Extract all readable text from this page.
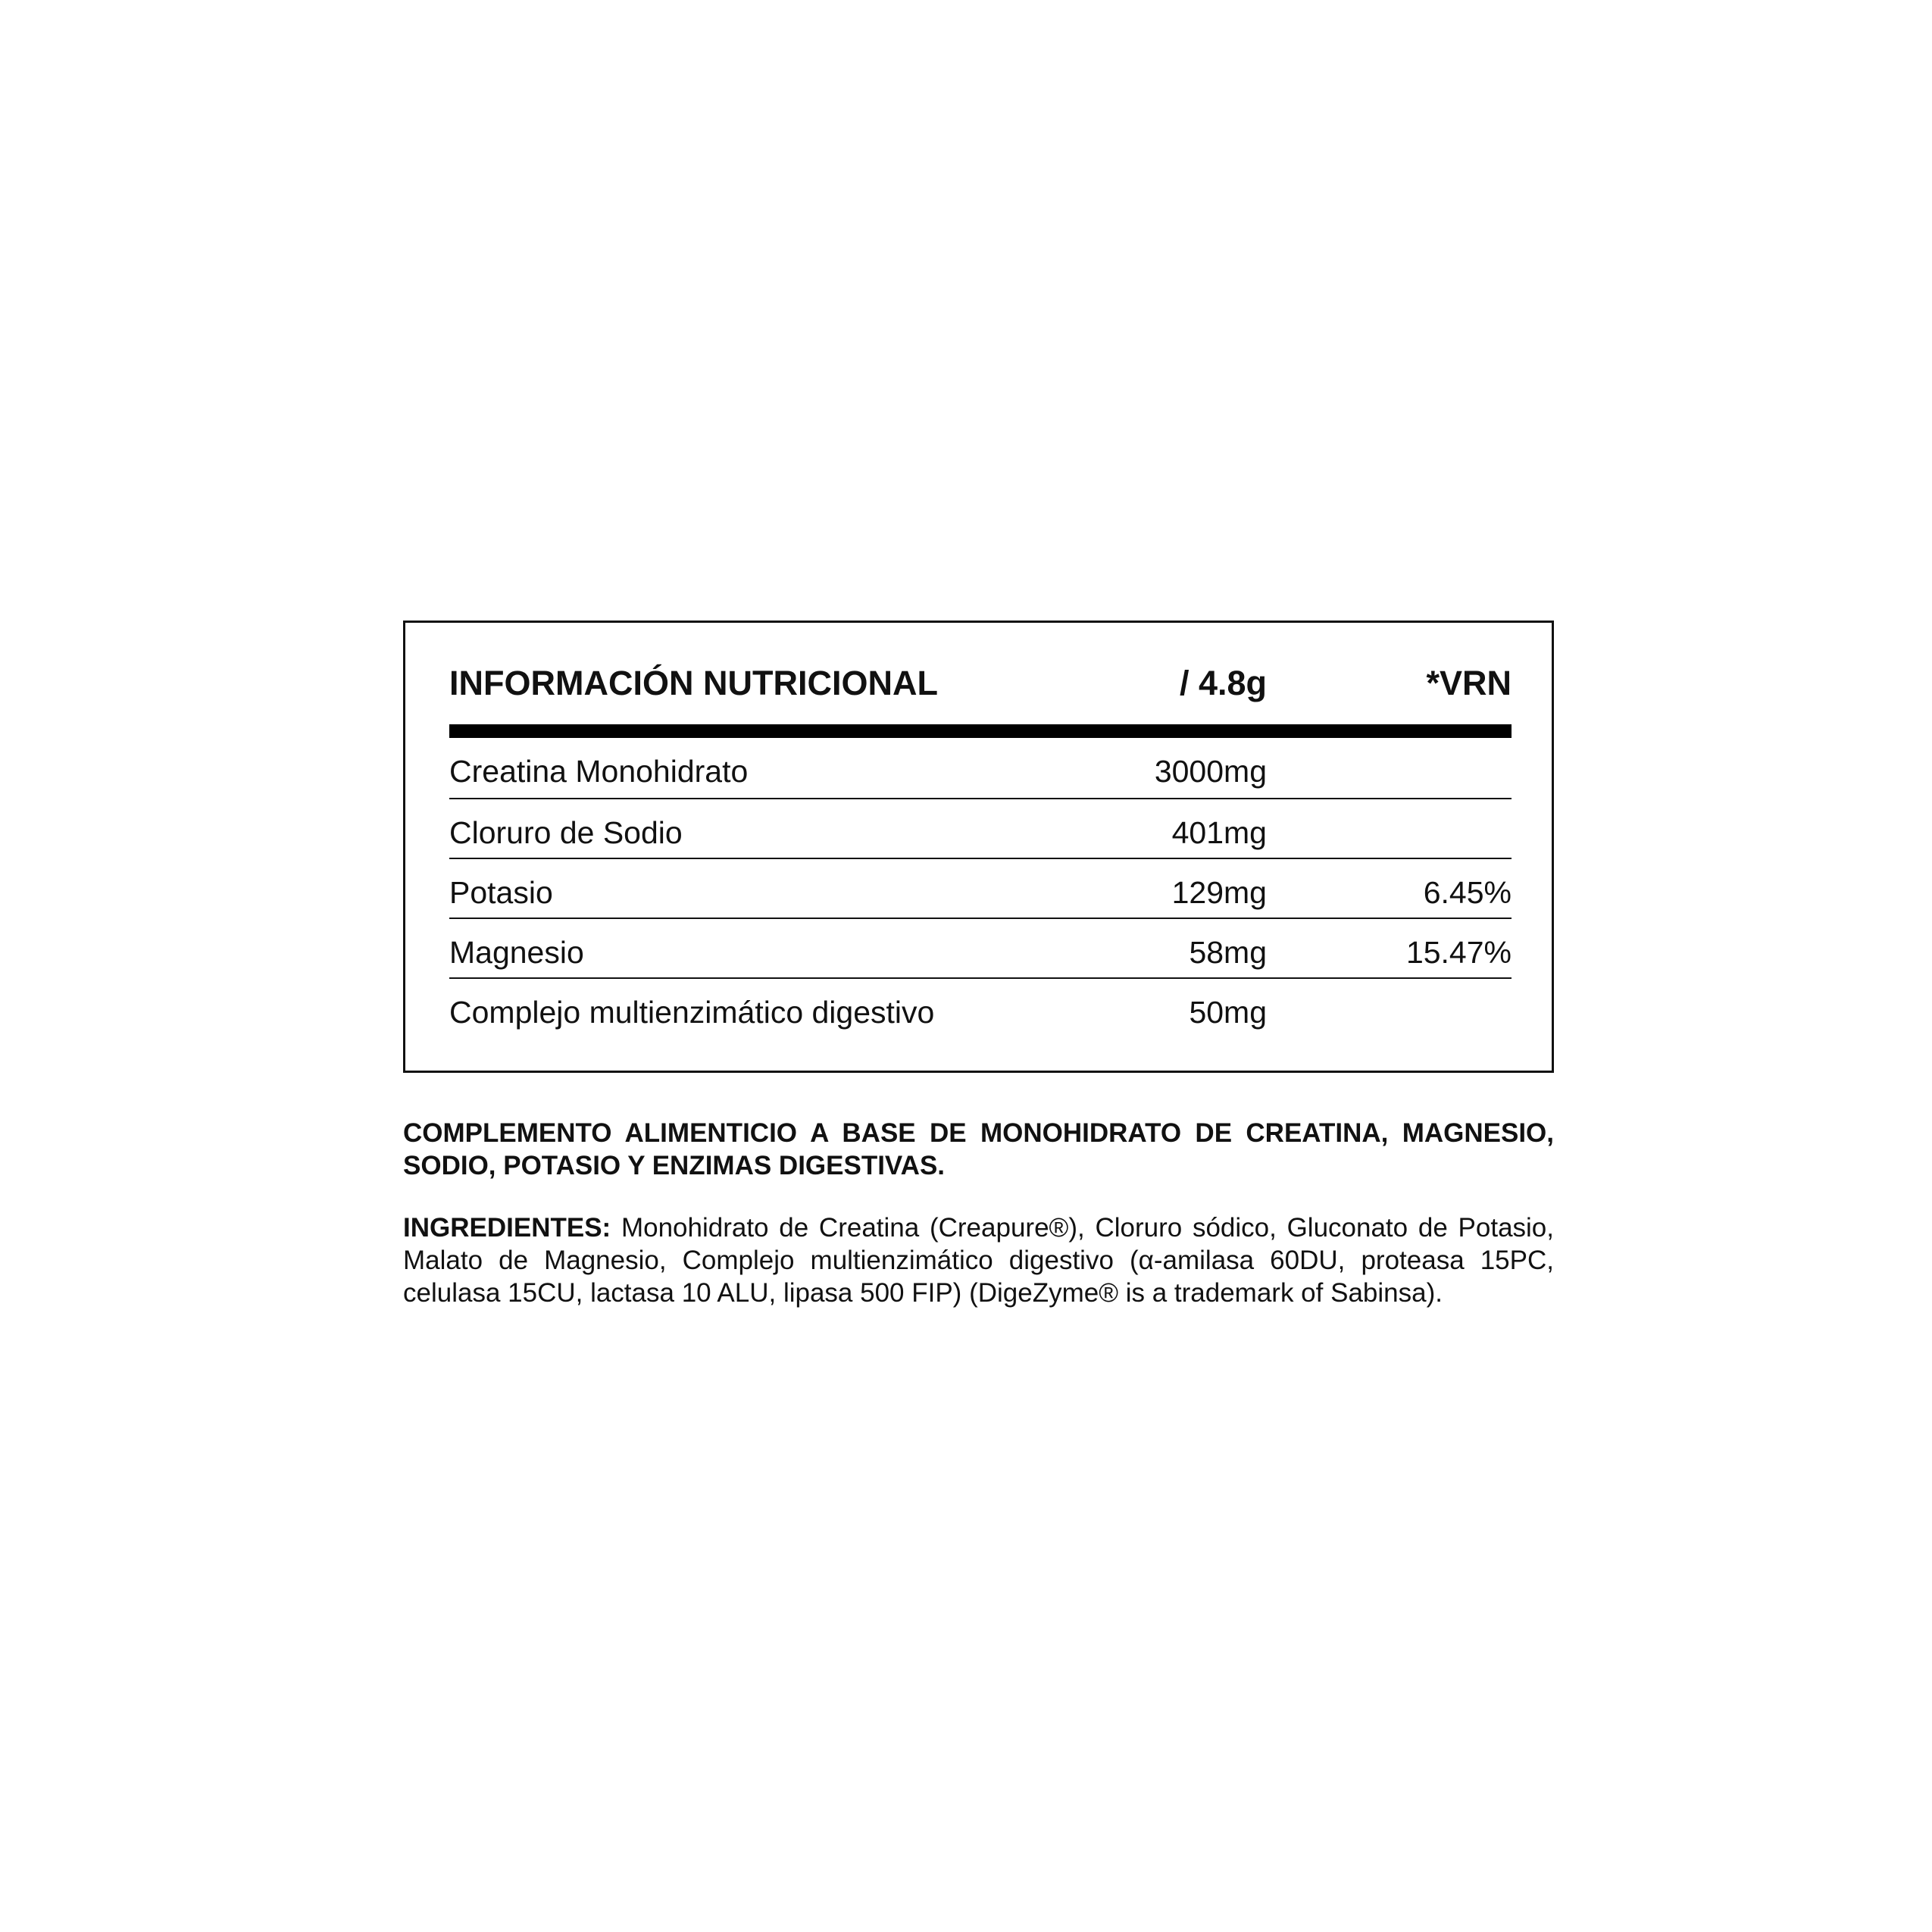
INFORMACIÓN NUTRICIONAL	/ 4.8g	*VRN
Creatina Monohidrato	3000mg
Cloruro de Sodio	401mg
Potasio	129mg	6.45%
Magnesio	58mg	15.47%
Complejo multienzimático digestivo	50mg
COMPLEMENTO ALIMENTICIO A BASE DE MONOHIDRATO DE CREATINA, MAGNESIO, SODIO, POTASIO Y ENZIMAS DIGESTIVAS.
INGREDIENTES: Monohidrato de Creatina (Creapure®), Cloruro sódico, Gluconato de Potasio, Malato de Magnesio, Complejo multienzimático digestivo (α-amilasa 60DU, proteasa 15PC, celulasa 15CU, lactasa 10 ALU, lipasa 500 FIP) (DigeZyme® is a trademark of Sabinsa).
